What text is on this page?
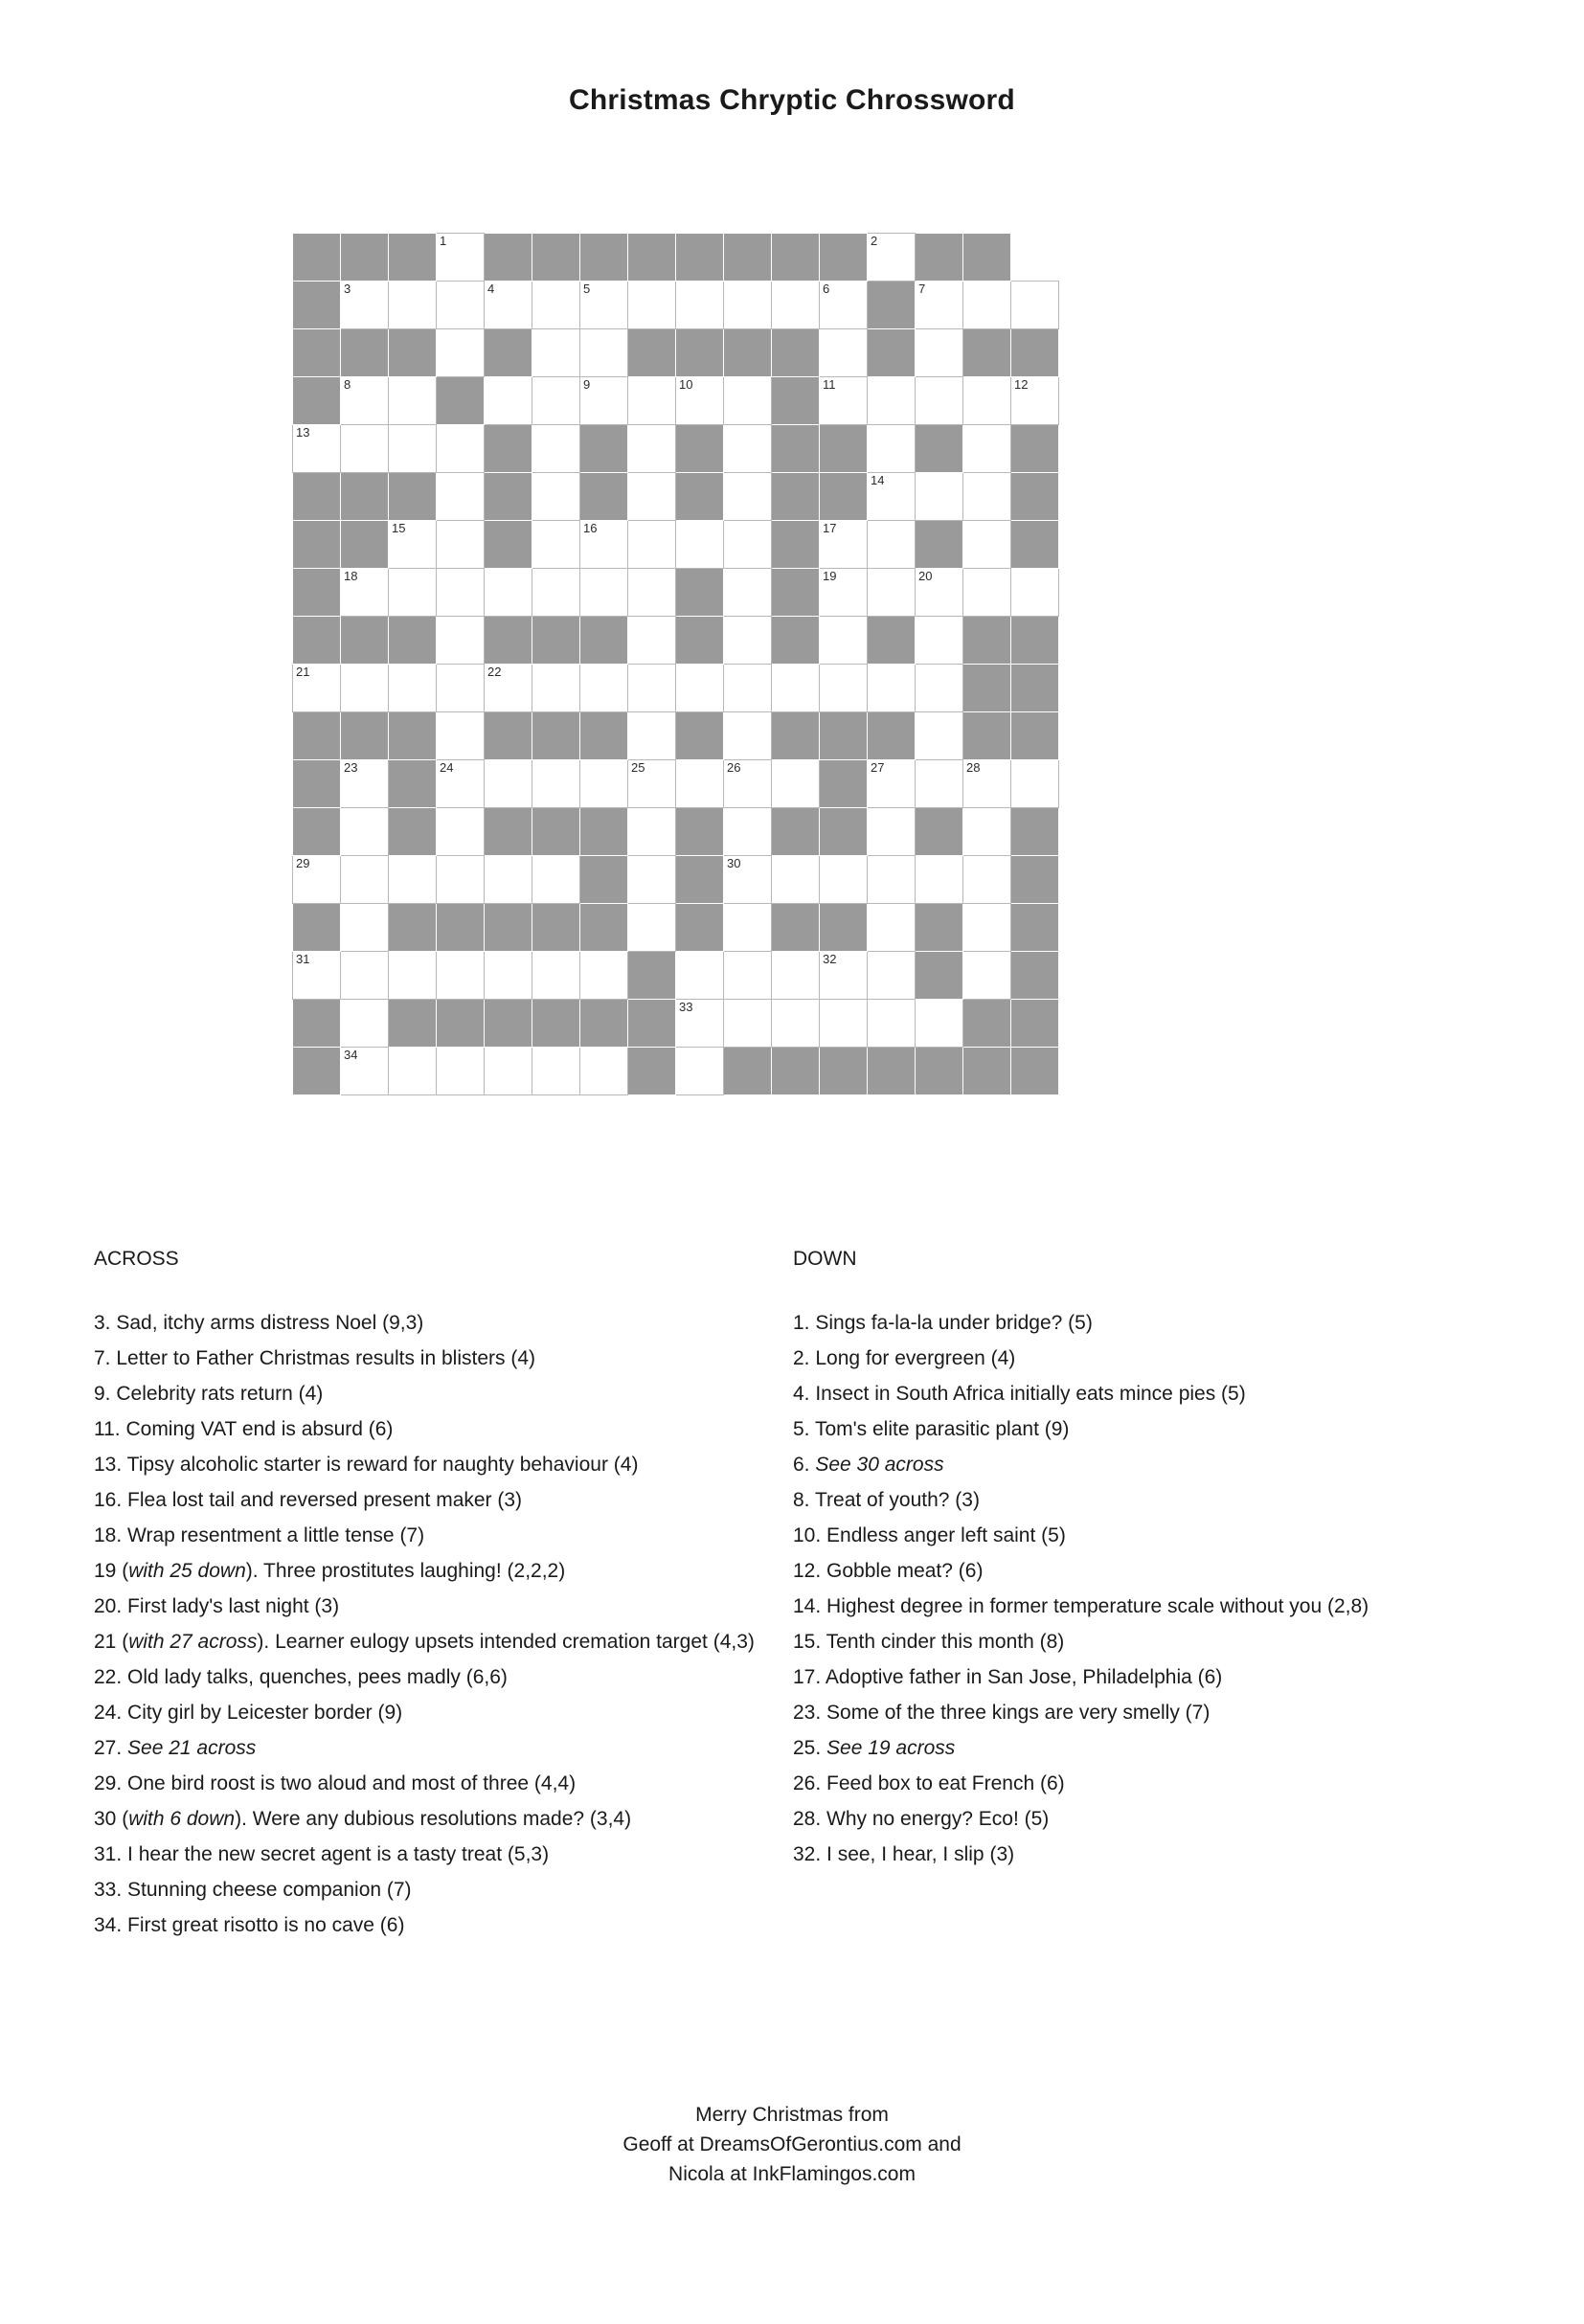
Christmas Chryptic Chrossword

			1									2			

	3			4		5					6		7		

	8					9		10			11				12

13															

												14			

		15				16					17				

	18										19		20		

21				22											

	23		24				25		26			27		28	

29									30						

31											32				

								33							

	34														

ACROSS
3. Sad, itchy arms distress Noel (9,3)
7. Letter to Father Christmas results in blisters (4)
9. Celebrity rats return (4)
11. Coming VAT end is absurd (6)
13. Tipsy alcoholic starter is reward for naughty behaviour (4)
16. Flea lost tail and reversed present maker (3)
18. Wrap resentment a little tense (7)
19 (with 25 down). Three prostitutes laughing! (2,2,2)
20. First lady's last night (3)
21 (with 27 across). Learner eulogy upsets intended cremation target (4,3)
22. Old lady talks, quenches, pees madly (6,6)
24. City girl by Leicester border (9)
27. See 21 across
29. One bird roost is two aloud and most of three (4,4)
30 (with 6 down). Were any dubious resolutions made? (3,4)
31. I hear the new secret agent is a tasty treat (5,3)
33. Stunning cheese companion (7)
34. First great risotto is no cave (6)
DOWN
1. Sings fa-la-la under bridge? (5)
2. Long for evergreen (4)
4. Insect in South Africa initially eats mince pies (5)
5. Tom's elite parasitic plant (9)
6. See 30 across
8. Treat of youth? (3)
10. Endless anger left saint (5)
12. Gobble meat? (6)
14. Highest degree in former temperature scale without you (2,8)
15. Tenth cinder this month (8)
17. Adoptive father in San Jose, Philadelphia (6)
23. Some of the three kings are very smelly (7)
25. See 19 across
26. Feed box to eat French (6)
28. Why no energy? Eco! (5)
32. I see, I hear, I slip (3)
Merry Christmas from
Geoff at DreamsOfGerontius.com and
Nicola at InkFlamingos.com
